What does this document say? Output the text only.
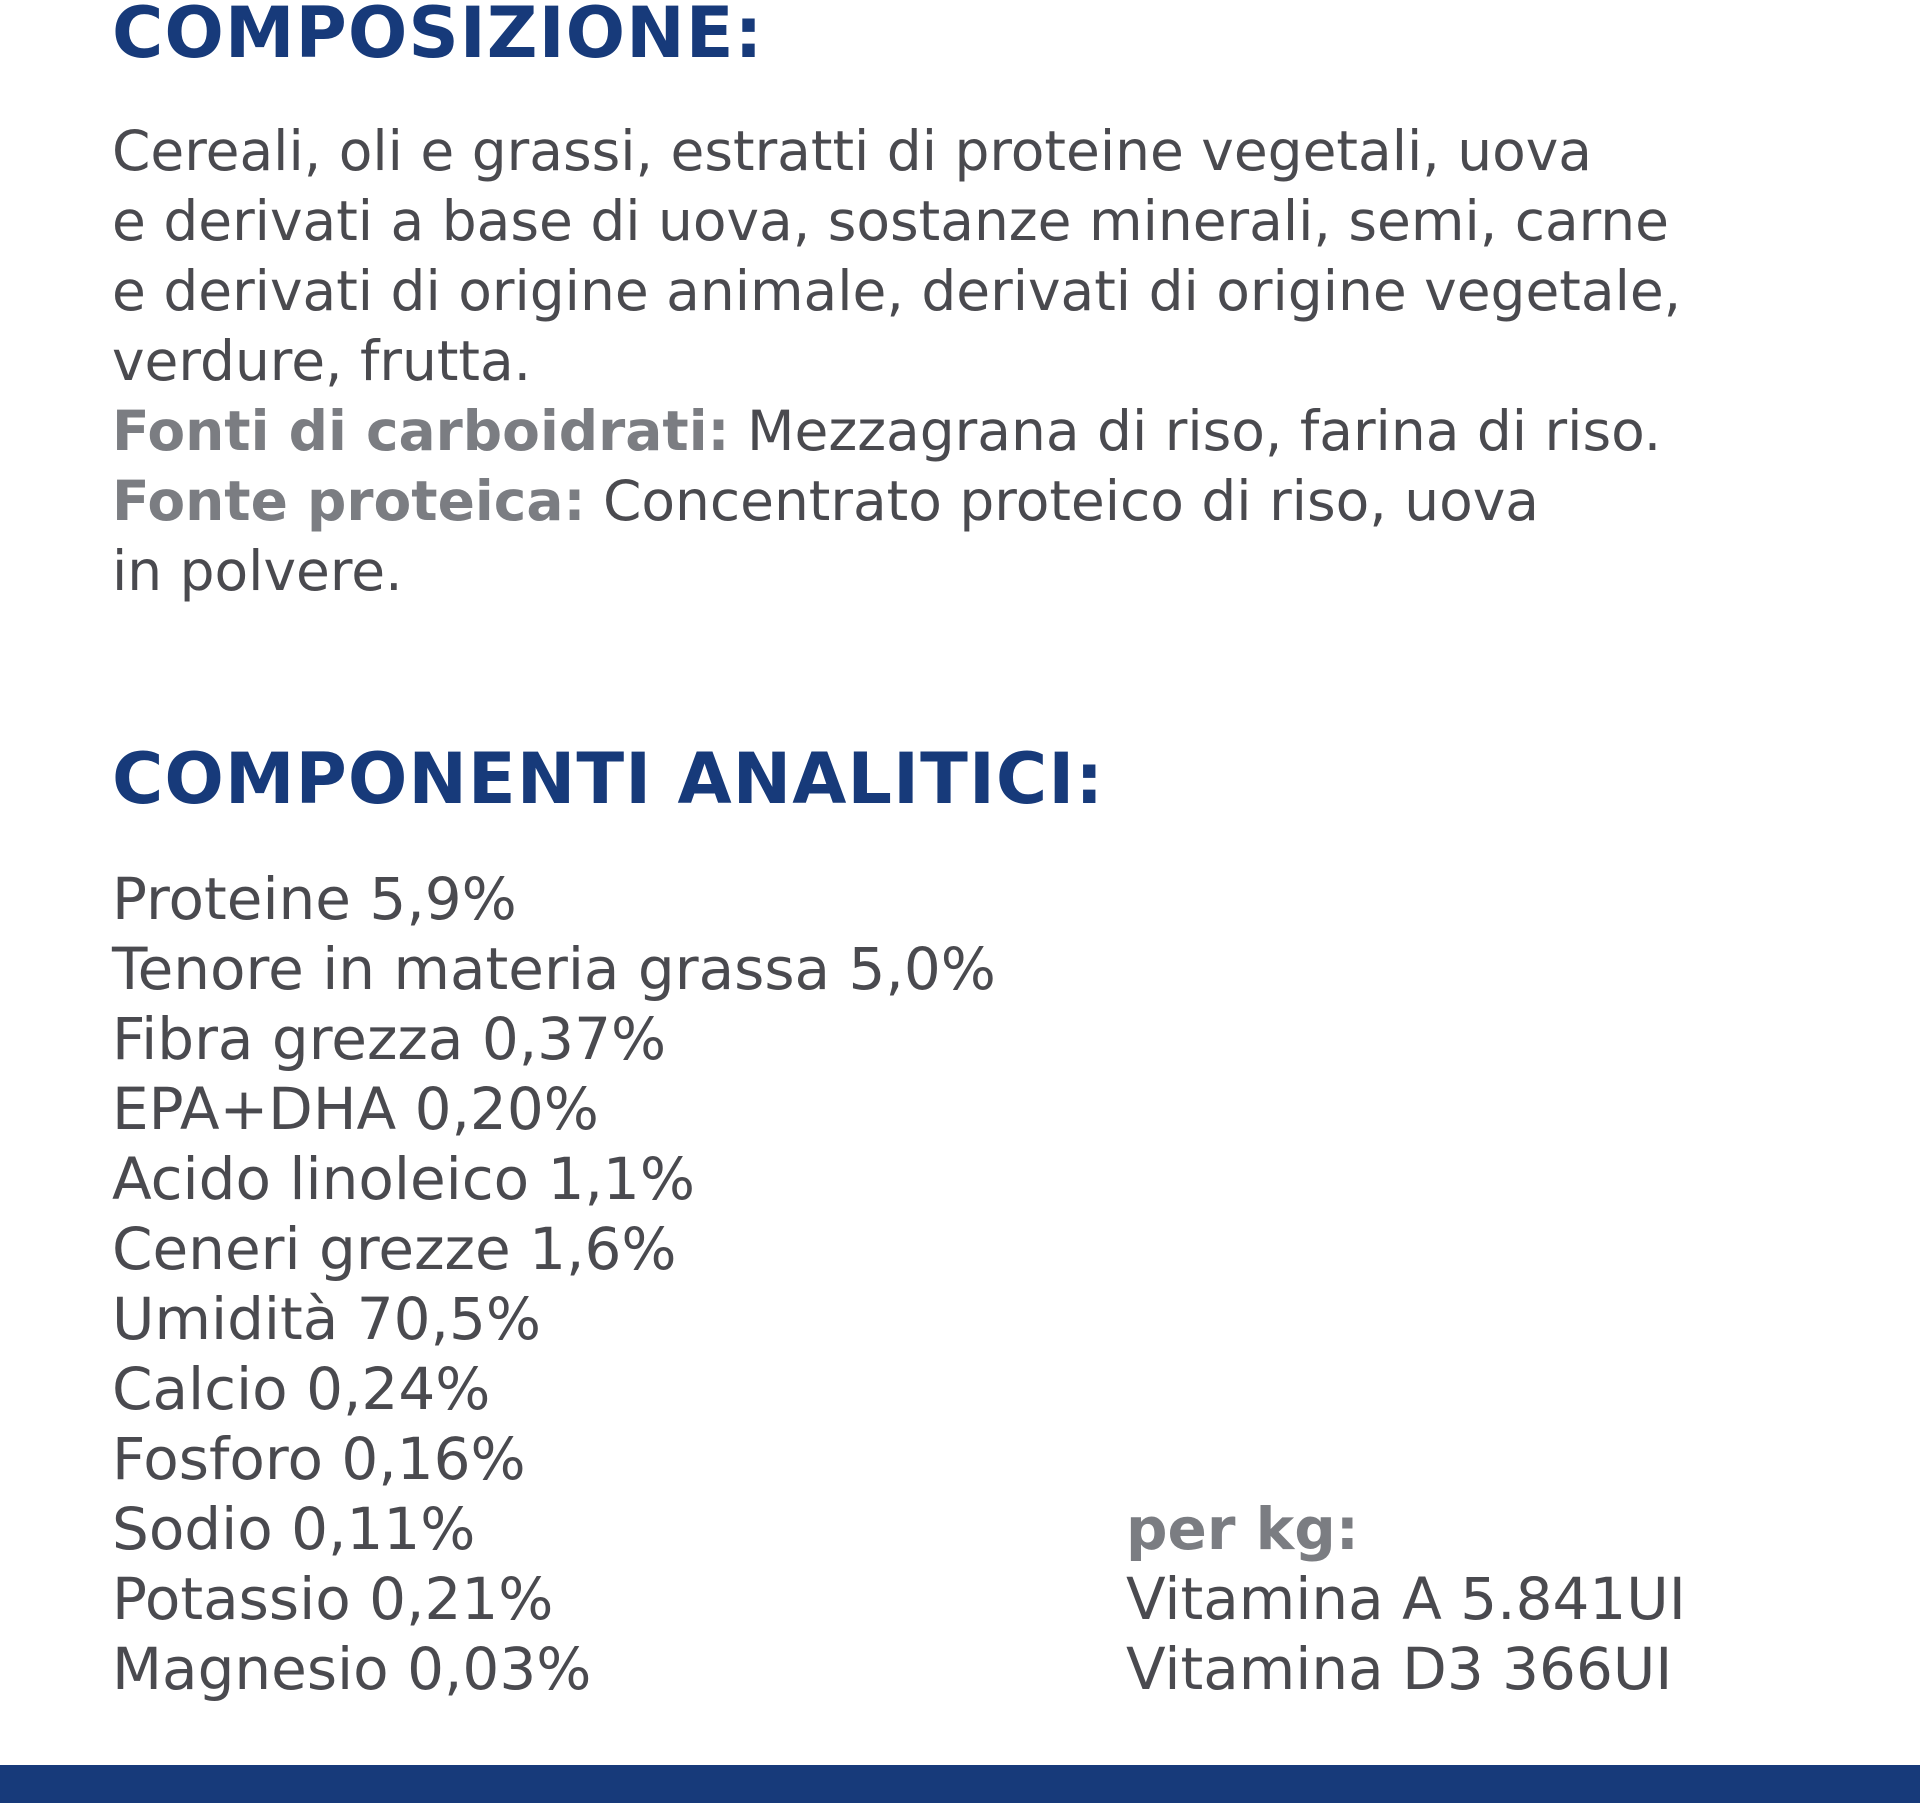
COMPOSIZIONE:

Cereali, oli e grassi, estratti di proteine vegetali, uova
e derivati a base di uova, sostanze minerali, semi, carne
e derivati di origine animale, derivati di origine vegetale,
verdure, frutta.

Fonti di carboidrati: Mezzagrana di riso, farina di riso.

Fonte proteica: Concentrato proteico di riso, uova
in polvere.

COMPONENTI ANALITICI:
Proteine 5,9%
Tenore in materia grassa 5,0%
Fibra grezza 0,37%
EPA+DHA 0,20%
Acido linoleico 1,1%
Ceneri grezze 1,6%
Umidità 70,5%
Calcio 0,24%
Fosforo 0,16%
Sodio 0,11%
Potassio 0,21%
Magnesio 0,03%
per kg:
Vitamina A 5.841UI
Vitamina D3 366UI
